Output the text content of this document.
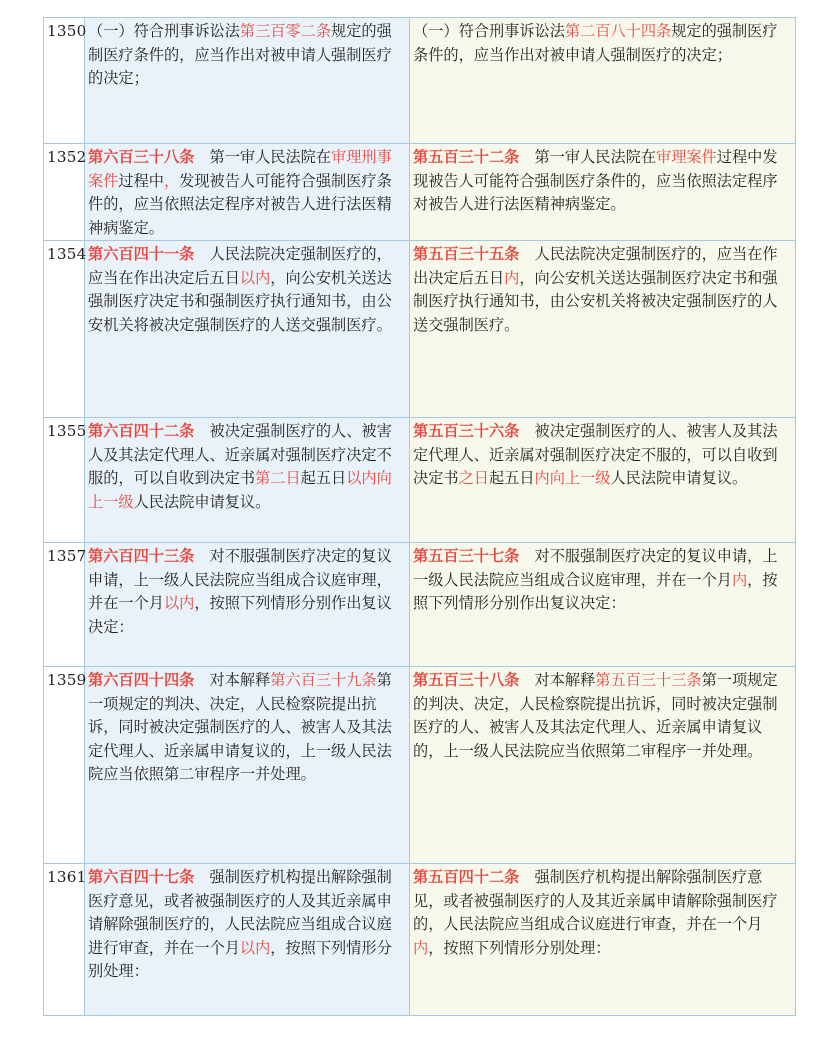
1350	（一）符合刑事诉讼法第三百零二条规定的强制医疗条件的，应当作出对被申请人强制医疗的决定；	（一）符合刑事诉讼法第二百八十四条规定的强制医疗条件的，应当作出对被申请人强制医疗的决定；
1352	第六百三十八条　第一审人民法院在审理刑事案件过程中，发现被告人可能符合强制医疗条件的，应当依照法定程序对被告人进行法医精神病鉴定。	第五百三十二条　第一审人民法院在审理案件过程中发现被告人可能符合强制医疗条件的，应当依照法定程序对被告人进行法医精神病鉴定。
1354	第六百四十一条　人民法院决定强制医疗的，应当在作出决定后五日以内，向公安机关送达强制医疗决定书和强制医疗执行通知书，由公安机关将被决定强制医疗的人送交强制医疗。	第五百三十五条　人民法院决定强制医疗的，应当在作出决定后五日内，向公安机关送达强制医疗决定书和强制医疗执行通知书，由公安机关将被决定强制医疗的人送交强制医疗。
1355	第六百四十二条　被决定强制医疗的人、被害人及其法定代理人、近亲属对强制医疗决定不服的，可以自收到决定书第二日起五日以内向上一级人民法院申请复议。	第五百三十六条　被决定强制医疗的人、被害人及其法定代理人、近亲属对强制医疗决定不服的，可以自收到决定书之日起五日内向上一级人民法院申请复议。
1357	第六百四十三条　对不服强制医疗决定的复议申请，上一级人民法院应当组成合议庭审理，并在一个月以内，按照下列情形分别作出复议决定：	第五百三十七条　对不服强制医疗决定的复议申请，上一级人民法院应当组成合议庭审理，并在一个月内，按照下列情形分别作出复议决定：
1359	第六百四十四条　对本解释第六百三十九条第一项规定的判决、决定，人民检察院提出抗诉，同时被决定强制医疗的人、被害人及其法定代理人、近亲属申请复议的，上一级人民法院应当依照第二审程序一并处理。	第五百三十八条　对本解释第五百三十三条第一项规定的判决、决定，人民检察院提出抗诉，同时被决定强制医疗的人、被害人及其法定代理人、近亲属申请复议的，上一级人民法院应当依照第二审程序一并处理。
1361	第六百四十七条　强制医疗机构提出解除强制医疗意见，或者被强制医疗的人及其近亲属申请解除强制医疗的，人民法院应当组成合议庭进行审查，并在一个月以内，按照下列情形分别处理：	第五百四十二条　强制医疗机构提出解除强制医疗意见，或者被强制医疗的人及其近亲属申请解除强制医疗的，人民法院应当组成合议庭进行审查，并在一个月内，按照下列情形分别处理：
